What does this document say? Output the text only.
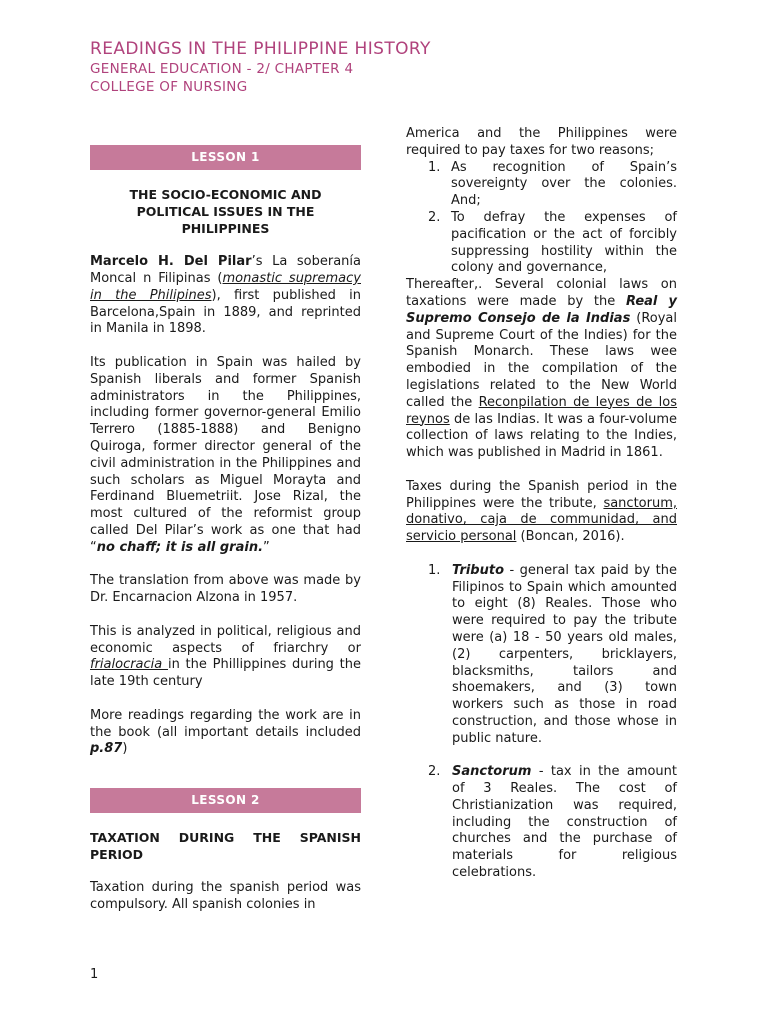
READINGS IN THE PHILIPPINE HISTORY
GENERAL EDUCATION - 2/ CHAPTER 4
COLLEGE OF NURSING
LESSON 1
THE SOCIO-ECONOMIC AND
POLITICAL ISSUES IN THE
PHILIPPINES

Marcelo H. Del Pilar’s La soberanía Moncal n Filipinas (monastic supremacy in the Philipines), first published in Barcelona,Spain in 1889, and reprinted in Manila in 1898.

Its publication in Spain was hailed by Spanish liberals and former Spanish administrators in the Philippines, including former governor-general Emilio Terrero (1885-1888) and Benigno Quiroga, former director general of the civil administration in the Philippines and such scholars as Miguel Morayta and Ferdinand Bluemetriit. Jose Rizal, the most cultured of the reformist group called Del Pilar’s work as one that had “no chaff; it is all grain.”

The translation from above was made by Dr. Encarnacion Alzona in 1957.

This is analyzed in political, religious and economic aspects of friarchry or frialocracia in the Phillippines during the late 19th century

More readings regarding the work are in the book (all important details included p.87)

LESSON 2
TAXATION DURING THE SPANISH PERIOD

Taxation during the spanish period was compulsory. All spanish colonies in

America and the Philippines were required to pay taxes for two reasons;

1. As recognition of Spain’s sovereignty over the colonies. And;
2. To defray the expenses of pacification or the act of forcibly suppressing hostility within the colony and governance,

Thereafter,. Several colonial laws on taxations were made by the Real y Supremo Consejo de la Indias (Royal and Supreme Court of the Indies) for the Spanish Monarch. These laws wee embodied in the compilation of the legislations related to the New World called the Reconpilation de leyes de los reynos de las Indias. It was a four-volume collection of laws relating to the Indies, which was published in Madrid in 1861.

Taxes during the Spanish period in the Philippines were the tribute, sanctorum, donativo, caja de communidad, and servicio personal (Boncan, 2016).

1. Tributo - general tax paid by the Filipinos to Spain which amounted to eight (8) Reales. Those who were required to pay the tribute were (a) 18 - 50 years old males, (2) carpenters, bricklayers, blacksmiths, tailors and shoemakers, and (3) town workers such as those in road construction, and those whose in public nature.
2. Sanctorum - tax in the amount of 3 Reales. The cost of Christianization was required, including the construction of churches and the purchase of materials for religious celebrations.
1
